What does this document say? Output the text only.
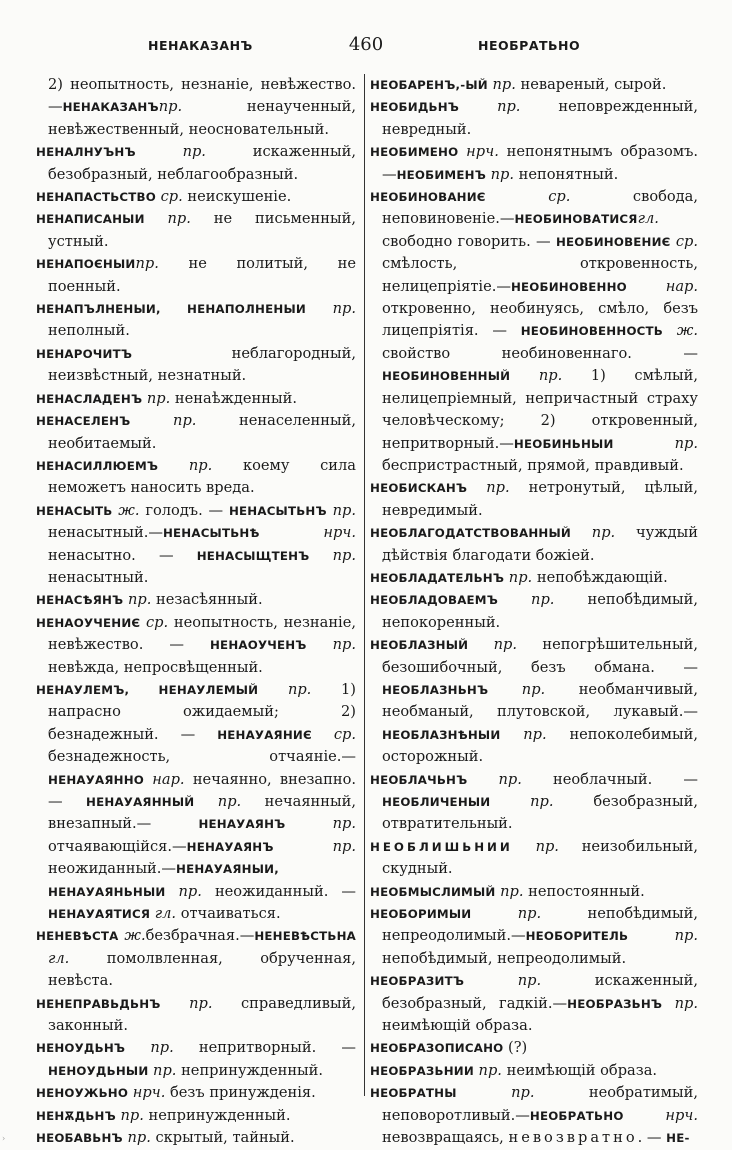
НЕНАКАЗАНЪ	460	НЕОБРАТЬНО
2) неопытность, незнаніе, невѣжество.—НЕНАКАЗАНЪпр. ненаученный, невѣжественный, неосновательный.
НЕНАЛНУЪНЪ пр. искаженный, безобразный, неблагообразный.
НЕНАПАСТЬСТВО ср. неискушеніе.
НЕНАПИСАНЫИ пр. не письменный, устный.
НЕНАПОЄНЫИпр. не политый, не поенный.
НЕНАПЪЛНЕНЫИ, НЕНАПОЛНЕНЫИ пр. неполный.
НЕНАРОЧИТЪ неблагородный, неизвѣстный, незнатный.
НЕНАСЛАДЕНЪ пр. ненаѣжденный.
НЕНАСЕЛЕНЪ пр. ненаселенный, необитаемый.
НЕНАСИЛЛЮЕМЪ пр. коему сила неможетъ наносить вреда.
НЕНАСЫТЬ ж. голодъ. — НЕНАСЫТЬНЪ пр. ненасытный.—НЕНАСЫТЬНѢ нрч. ненасытно. — НЕНАСЫЩТЕНЪ пр. ненасытный.
НЕНАСѢЯНЪ пр. незасѣянный.
НЕНАОУЧЕНИЄ ср. неопытность, незнаніе, невѣжество. — НЕНАОУЧЕНЪ пр. невѣжда, непросвѣщенный.
НЕНАУЛЕМЪ, НЕНАУЛЕМЫЙ пр. 1) напрасно ожидаемый; 2) безнадежный. — НЕНАУАЯНИЄ ср. безнадежность, отчаяніе.— НЕНАУАЯННО нар. нечаянно, внезапно. — НЕНАУАЯННЫЙ пр. нечаянный, внезапный.— НЕНАУАЯНЪ пр. отчаявающійся.—НЕНАУАЯНЪ пр. неожиданный.—НЕНАУАЯНЫИ, НЕНАУАЯНЬНЫИ пр. неожиданный. — НЕНАУАЯТИСЯ гл. отчаиваться.
НЕНЕВѢСТА ж.безбрачная.—НЕНЕВѢСТЬНА гл. помолвленная, обрученная, невѣста.
НЕНЕПРАВЬДЬНЪ пр. справедливый, законный.
НЕНОУДЬНЪ пр. непритворный. — НЕНОУДЬНЫИ пр. непринужденный.
НЕНОУЖЬНО нрч. безъ принужденія.
НЕНѪДЬНЪ пр. непринужденный.
НЕОБАВЬНЪ пр. скрытый, тайный.
НЕОБАРЕНЪ,-ЫЙ пр. невареный, сырой.
НЕОБИДЬНЪ пр. неповрежденный, невредный.
НЕОБИМЕНО нрч. непонятнымъ образомъ.—НЕОБИМЕНЪ пр. непонятный.
НЕОБИНОВАНИЄ ср. свобода, неповиновеніе.—НЕОБИНОВАТИСЯгл. свободно говорить. — НЕОБИНОВЕНИЄ ср. смѣлость, откровенность, нелицепріятіе.—НЕОБИНОВЕННО нар. откровенно, необинуясь, смѣло, безъ лицепріятія. — НЕОБИНОВЕННОСТЬ ж. свойство необиновеннаго. — НЕОБИНОВЕННЫЙ пр. 1) смѣлый, нелицепріемный, непричастный страху человѣческому; 2) откровенный, непритворный.—НЕОБИНЬНЫИ пр. беспристрастный, прямой, правдивый.
НЕОБИСКАНЪ пр. нетронутый, цѣлый, невредимый.
НЕОБЛАГОДАТСТВОВАННЫЙ пр. чуждый дѣйствія благодати божіей.
НЕОБЛАДАТЕЛЬНЪ пр. непобѣждающій.
НЕОБЛАДОВАЕМЪ пр. непобѣдимый, непокоренный.
НЕОБЛАЗНЫЙ пр. непогрѣшительный, безошибочный, безъ обмана. — НЕОБЛАЗНЬНЪ пр. необманчивый, необманый, плутовской, лукавый.— НЕОБЛАЗНѢНЫИ пр. непоколебимый, осторожный.
НЕОБЛАЧЬНЪ пр. необлачный. — НЕОБЛИЧЕНЫИ пр. безобразный, отвратительный.
НЕОБЛИШЬНИИ пр. неизобильный, скудный.
НЕОБМЫСЛИМЫЙ пр. непостоянный.
НЕОБОРИМЫИ пр. непобѣдимый, непреодолимый.—НЕОБОРИТЕЛЬ пр. непобѣдимый, непреодолимый.
НЕОБРАЗИТЪ пр. искаженный, безобразный, гадкій.—НЕОБРАЗЬНЪ пр. неимѣющій образа.
НЕОБРАЗОПИСАНО (?)
НЕОБРАЗЬНИИ пр. неимѣющій образа.
НЕОБРАТНЫ пр. необратимый, неповоротливый.—НЕОБРАТЬНО нрч. невозвращаясь, невозвратно. — НЕ-
›
